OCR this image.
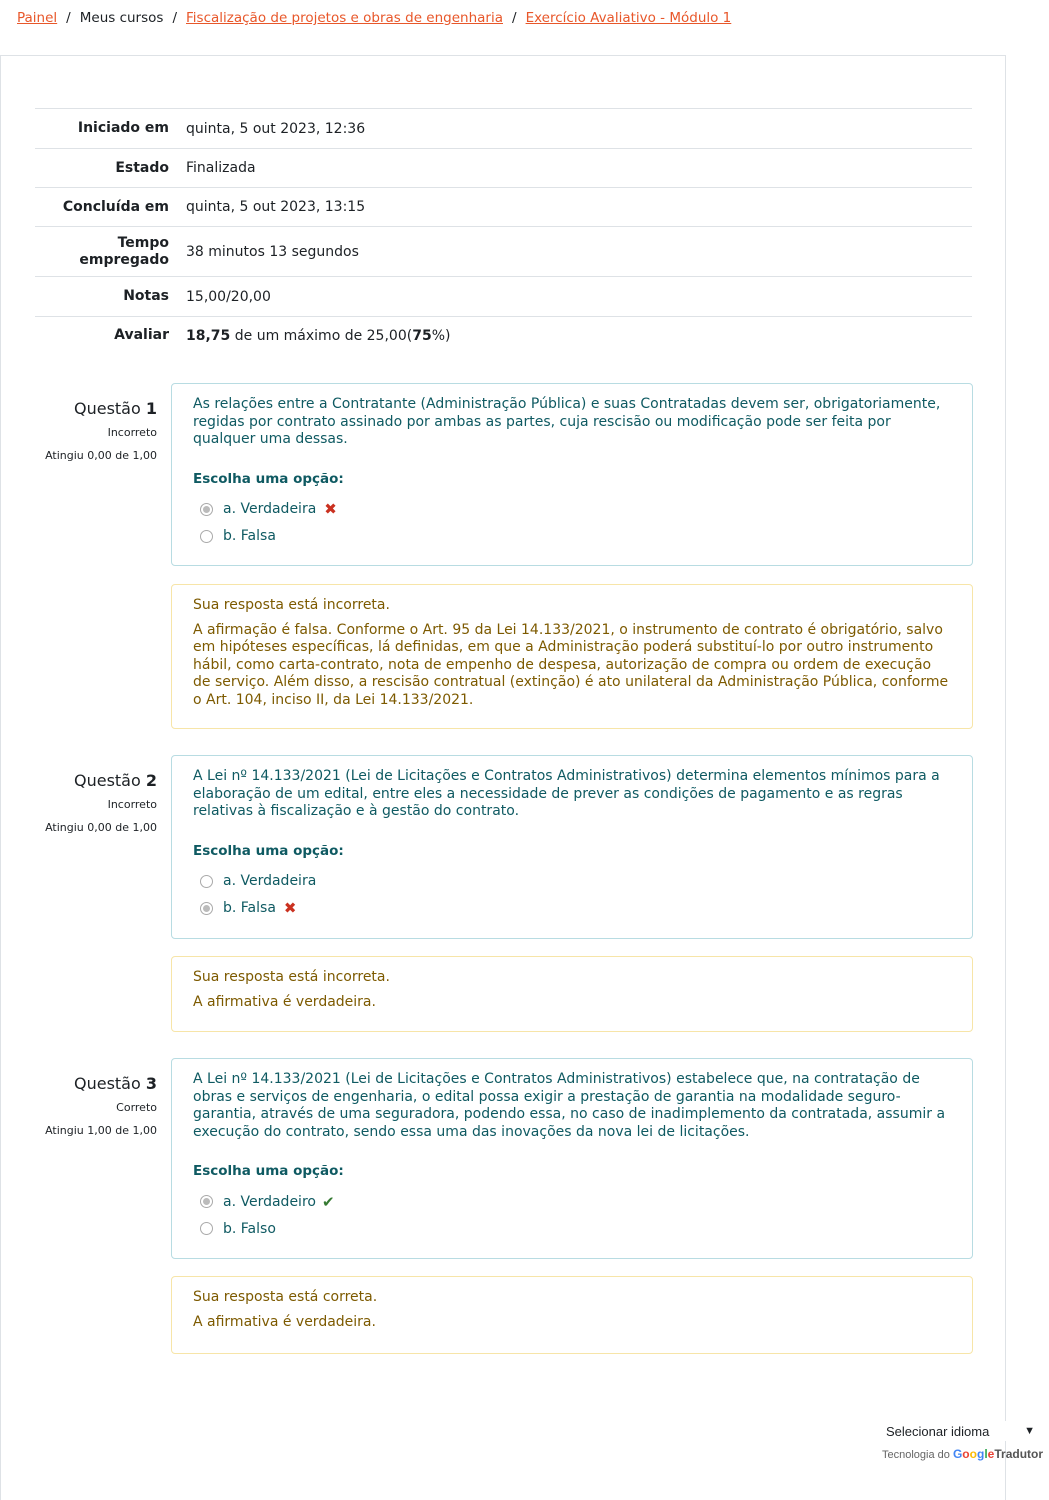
Painel / Meus cursos / Fiscalização de projetos e obras de engenharia / Exercício Avaliativo - Módulo 1
Iniciado em	quinta, 5 out 2023, 12:36
Estado	Finalizada
Concluída em	quinta, 5 out 2023, 13:15
Tempo
empregado	38 minutos 13 segundos
Notas	15,00/20,00
Avaliar	18,75 de um máximo de 25,00(75%)
Questão 1
Incorreto
Atingiu 0,00 de 1,00
As relações entre a Contratante (Administração Pública) e suas Contratadas devem ser, obrigatoriamente, regidas por contrato assinado por ambas as partes, cuja rescisão ou modificação pode ser feita por qualquer uma dessas.
Escolha uma opção:
a. Verdadeira ✖
b. Falsa
Sua resposta está incorreta.
A afirmação é falsa. Conforme o Art. 95 da Lei 14.133/2021, o instrumento de contrato é obrigatório, salvo em hipóteses específicas, lá definidas, em que a Administração poderá substituí-lo por outro instrumento hábil, como carta-contrato, nota de empenho de despesa, autorização de compra ou ordem de execução de serviço. Além disso, a rescisão contratual (extinção) é ato unilateral da Administração Pública, conforme o Art. 104, inciso II, da Lei 14.133/2021.
Questão 2
Incorreto
Atingiu 0,00 de 1,00
A Lei nº 14.133/2021 (Lei de Licitações e Contratos Administrativos) determina elementos mínimos para a elaboração de um edital, entre eles a necessidade de prever as condições de pagamento e as regras relativas à fiscalização e à gestão do contrato.
Escolha uma opção:
a. Verdadeira
b. Falsa ✖
Sua resposta está incorreta.
A afirmativa é verdadeira.
Questão 3
Correto
Atingiu 1,00 de 1,00
A Lei nº 14.133/2021 (Lei de Licitações e Contratos Administrativos) estabelece que, na contratação de obras e serviços de engenharia, o edital possa exigir a prestação de garantia na modalidade seguro-garantia, através de uma seguradora, podendo essa, no caso de inadimplemento da contratada, assumir a execução do contrato, sendo essa uma das inovações da nova lei de licitações.
Escolha uma opção:
a. Verdadeiro ✔
b. Falso
Sua resposta está correta.
A afirmativa é verdadeira.
Selecionar idioma	▼
Tecnologia do GoogleTradutor
